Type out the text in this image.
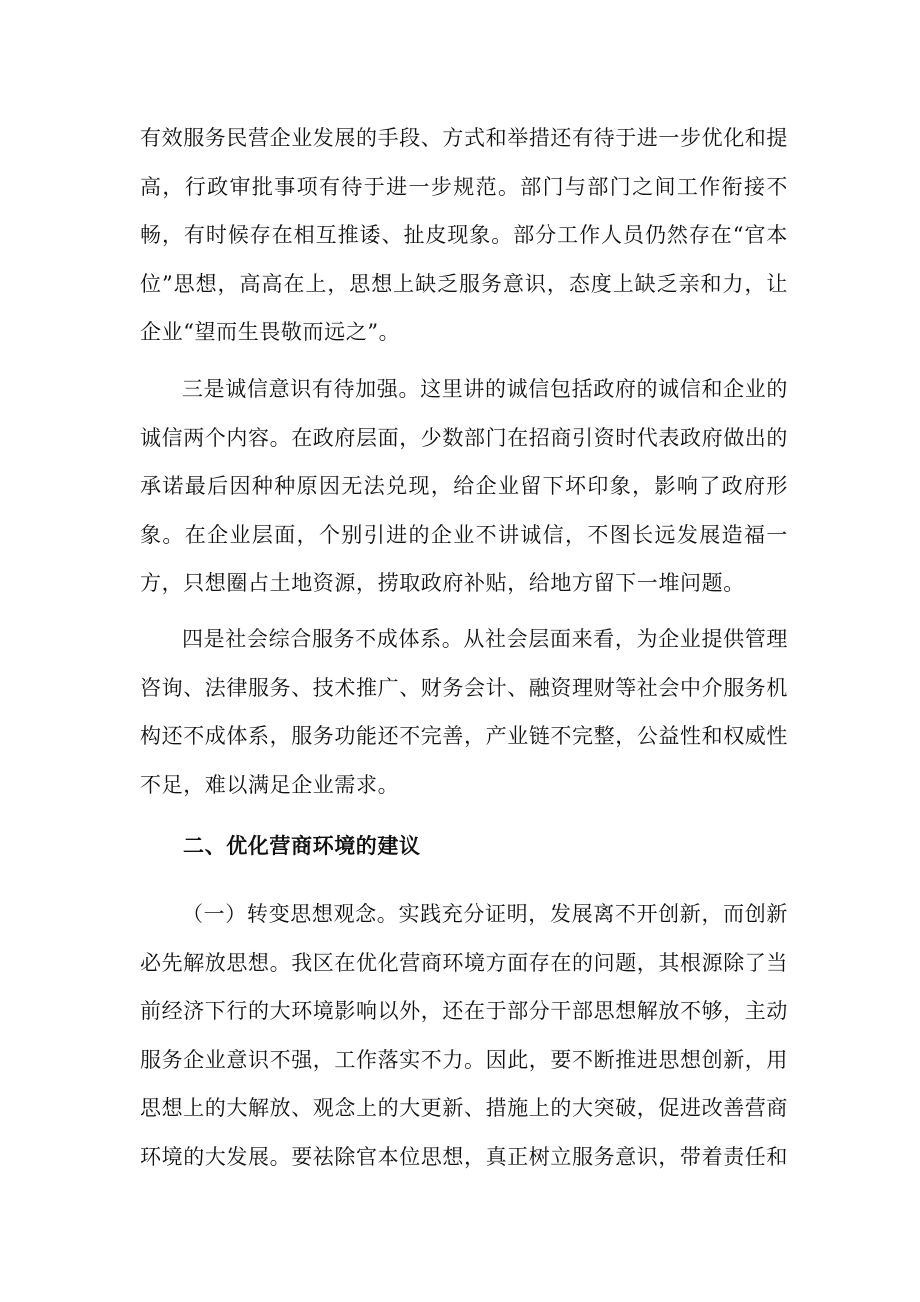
有效服务民营企业发展的手段、方式和举措还有待于进一步优化和提高，行政审批事项有待于进一步规范。部门与部门之间工作衔接不畅，有时候存在相互推诿、扯皮现象。部分工作人员仍然存在“官本位”思想，高高在上，思想上缺乏服务意识，态度上缺乏亲和力，让企业“望而生畏敬而远之”。

三是诚信意识有待加强。这里讲的诚信包括政府的诚信和企业的诚信两个内容。在政府层面，少数部门在招商引资时代表政府做出的承诺最后因种种原因无法兑现，给企业留下坏印象，影响了政府形象。在企业层面，个别引进的企业不讲诚信，不图长远发展造福一方，只想圈占土地资源，捞取政府补贴，给地方留下一堆问题。

四是社会综合服务不成体系。从社会层面来看，为企业提供管理咨询、法律服务、技术推广、财务会计、融资理财等社会中介服务机构还不成体系，服务功能还不完善，产业链不完整，公益性和权威性不足，难以满足企业需求。

二、优化营商环境的建议

（一）转变思想观念。实践充分证明，发展离不开创新，而创新必先解放思想。我区在优化营商环境方面存在的问题，其根源除了当前经济下行的大环境影响以外，还在于部分干部思想解放不够，主动服务企业意识不强，工作落实不力。因此，要不断推进思想创新，用思想上的大解放、观念上的大更新、措施上的大突破，促进改善营商环境的大发展。要祛除官本位思想，真正树立服务意识，带着责任和
